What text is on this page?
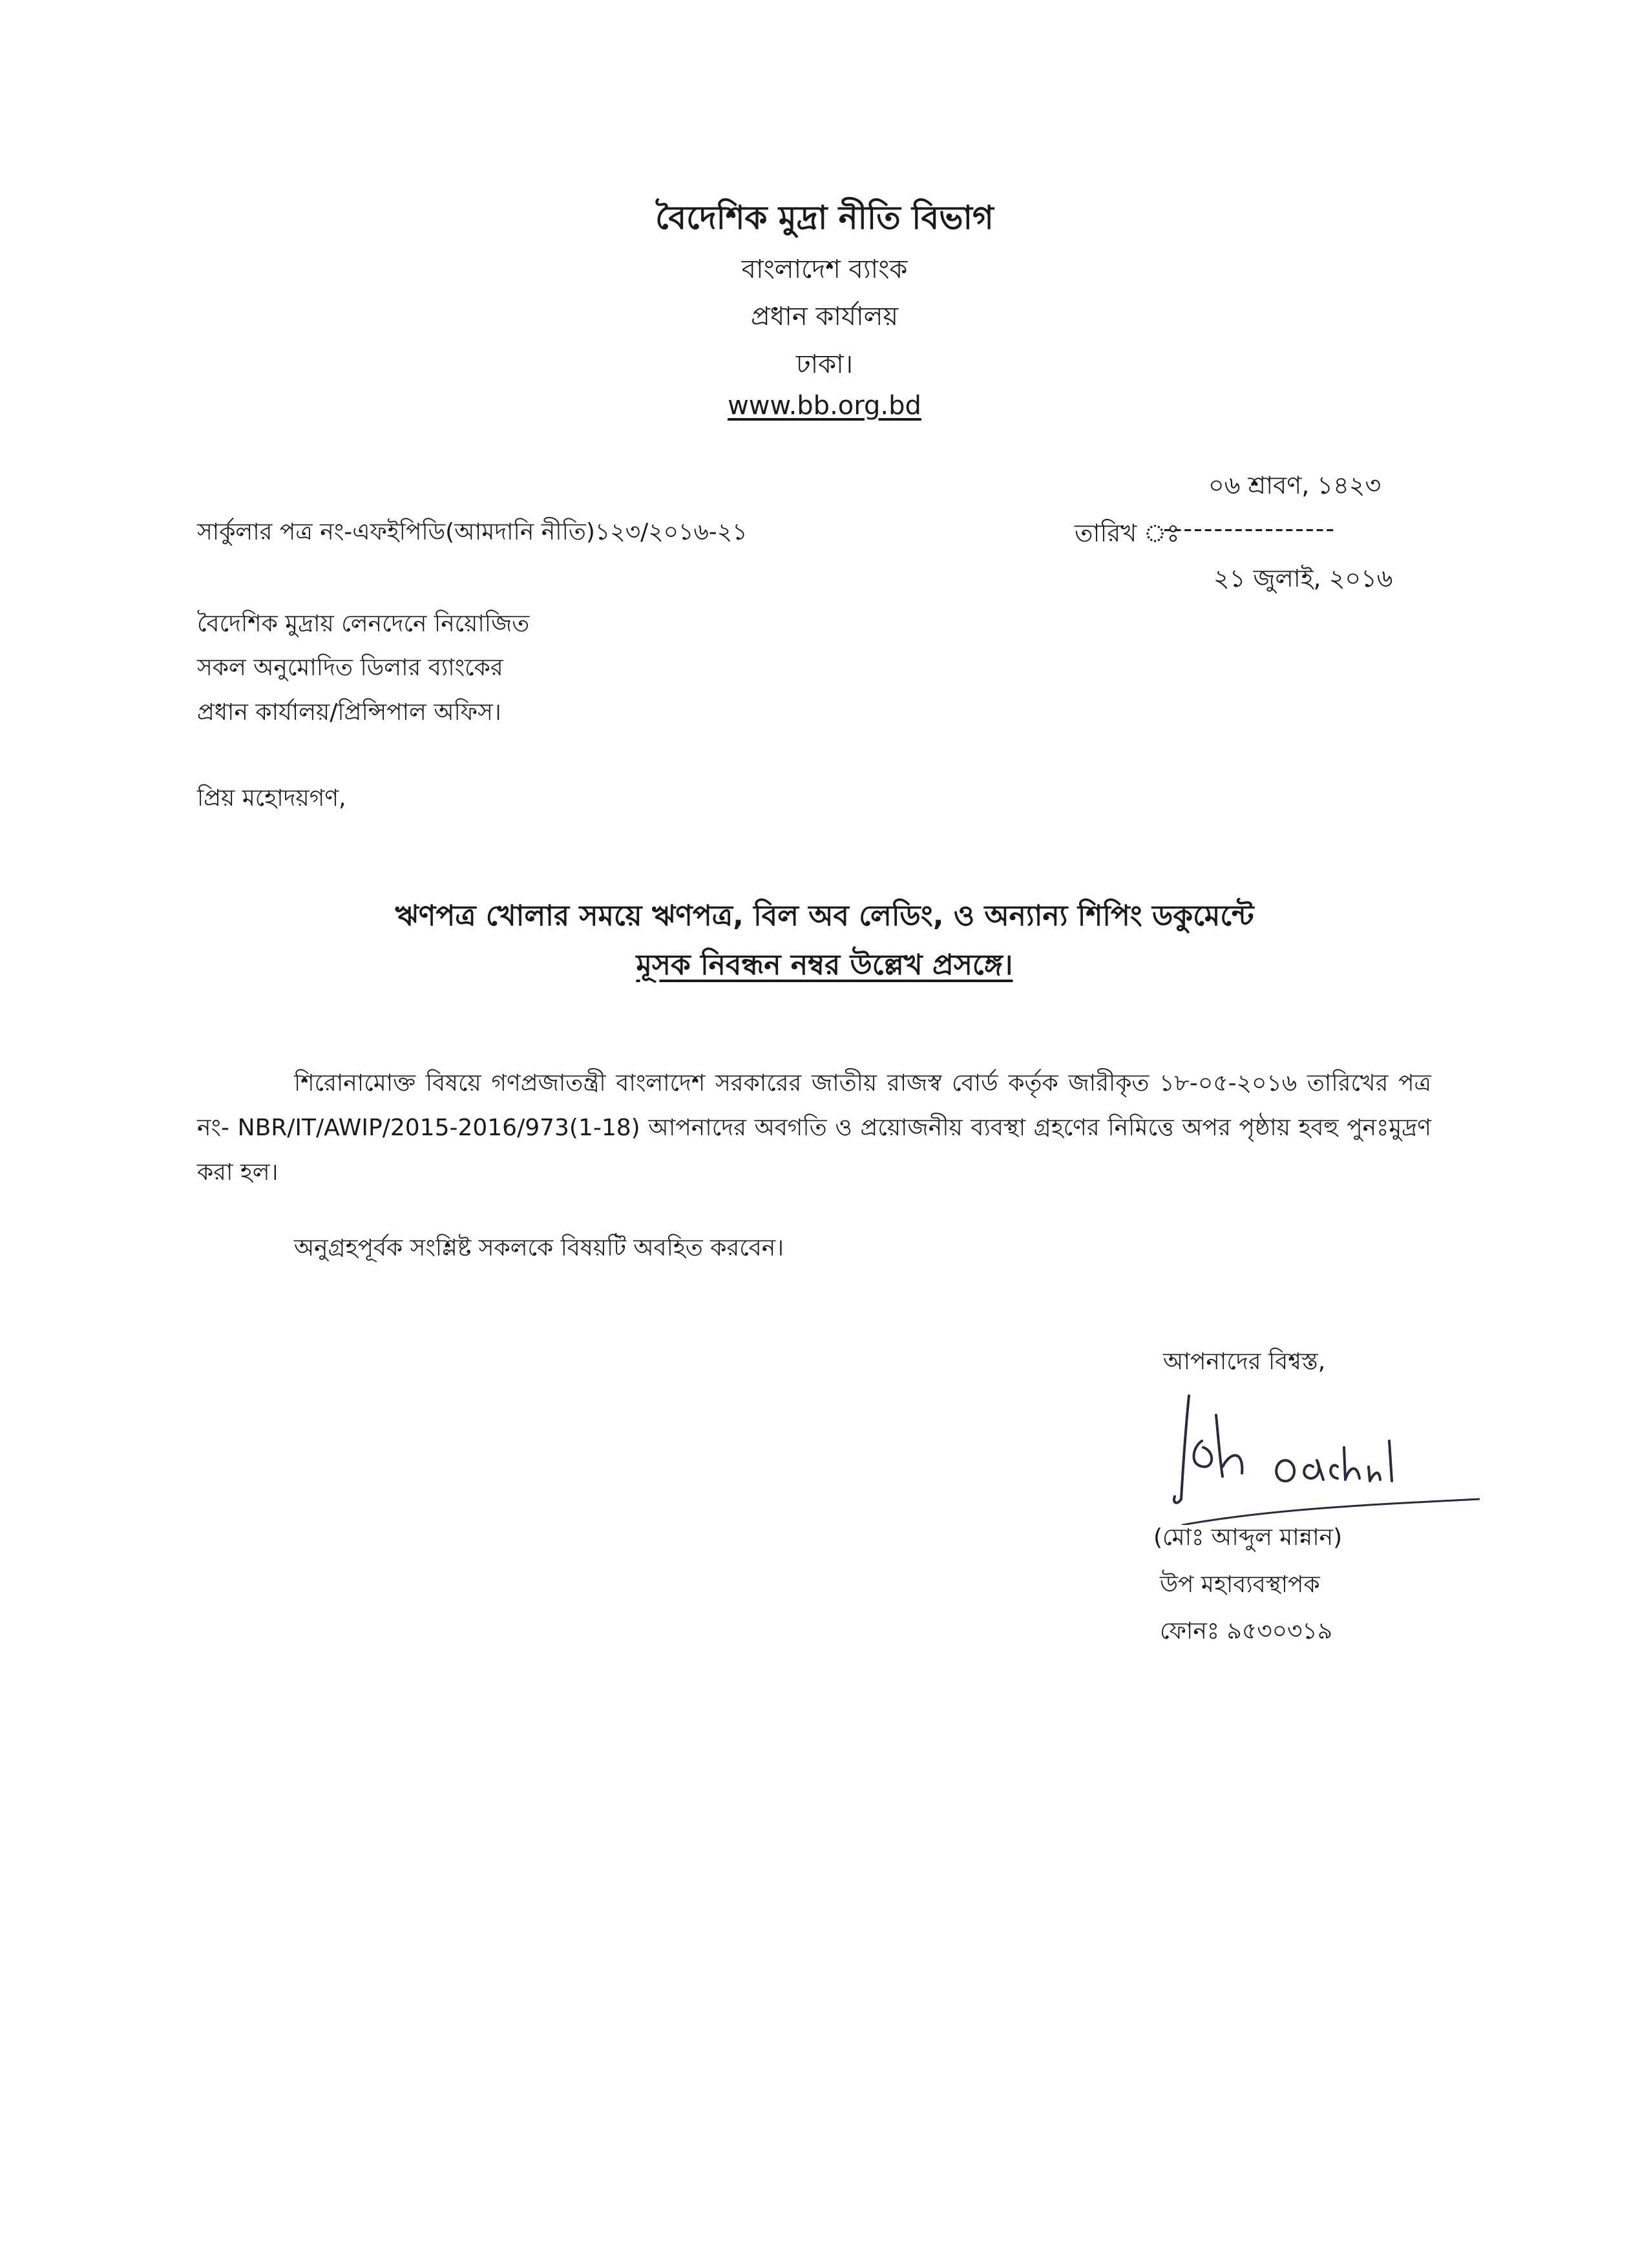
বৈদেশিক মুদ্রা নীতি বিভাগ
বাংলাদেশ ব্যাংক
প্রধান কার্যালয়
ঢাকা।
www.bb.org.bd
০৬ শ্রাবণ, ১৪২৩
সার্কুলার পত্র নং-এফইপিডি(আমদানি নীতি)১২৩/২০১৬-২১	তারিখ ঃ
-----------------
২১ জুলাই, ২০১৬
বৈদেশিক মুদ্রায় লেনদেনে নিয়োজিত
সকল অনুমোদিত ডিলার ব্যাংকের
প্রধান কার্যালয়/প্রিন্সিপাল অফিস।
প্রিয় মহোদয়গণ,
ঋণপত্র খোলার সময়ে ঋণপত্র, বিল অব লেডিং, ও অন্যান্য শিপিং ডকুমেন্টে
মূসক নিবন্ধন নম্বর উল্লেখ প্রসঙ্গে।
শিরোনামোক্ত বিষয়ে গণপ্রজাতন্ত্রী বাংলাদেশ সরকারের জাতীয় রাজস্ব বোর্ড কর্তৃক জারীকৃত ১৮-০৫-২০১৬ তারিখের পত্র নং- NBR/IT/AWIP/2015-2016/973(1-18) আপনাদের অবগতি ও প্রয়োজনীয় ব্যবস্থা গ্রহণের নিমিত্তে অপর পৃষ্ঠায় হবহু পুনঃমুদ্রণ করা হল।
অনুগ্রহপূর্বক সংশ্লিষ্ট সকলকে বিষয়টি অবহিত করবেন।
আপনাদের বিশ্বস্ত,
(মোঃ আব্দুল মান্নান)
উপ মহাব্যবস্থাপক
ফোনঃ ৯৫৩০৩১৯
